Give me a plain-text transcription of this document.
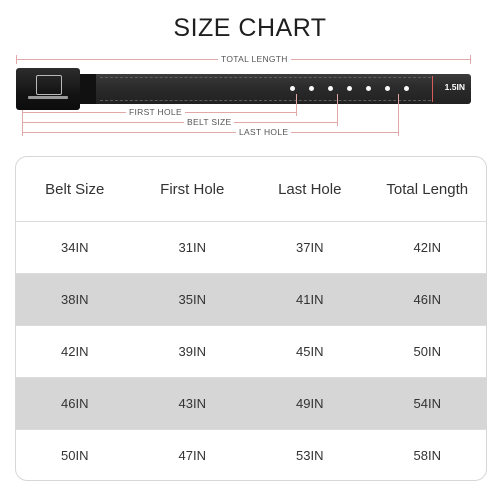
SIZE CHART
TOTAL LENGTH
1.5IN
FIRST HOLE
BELT SIZE
LAST HOLE
Belt Size	First Hole	Last Hole	Total Length
34IN	31IN	37IN	42IN
38IN	35IN	41IN	46IN
42IN	39IN	45IN	50IN
46IN	43IN	49IN	54IN
50IN	47IN	53IN	58IN
